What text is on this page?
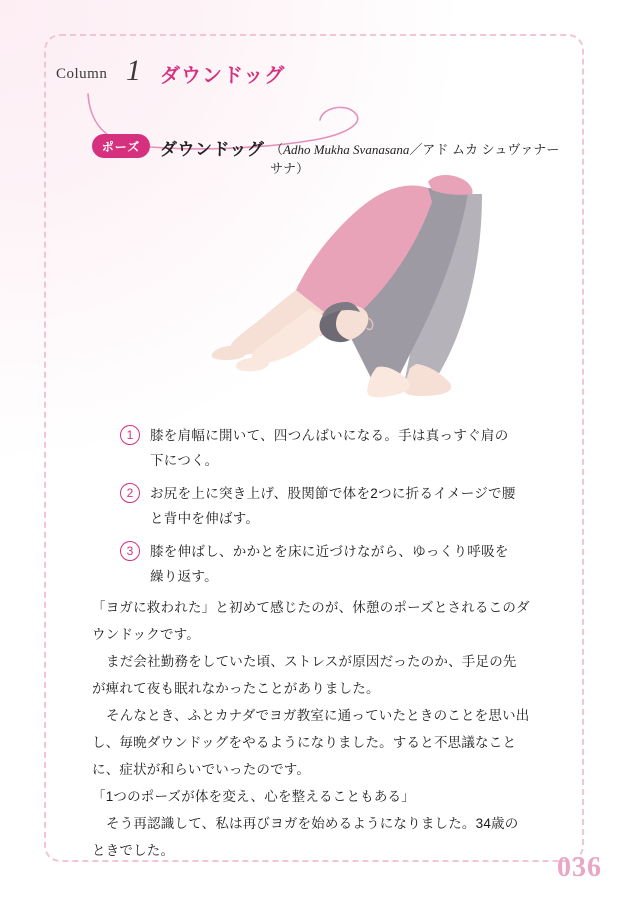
Column 1 ダウンドッグ
ポーズ	ダウンドッグ （Adho Mukha Svanasana／アド ムカ シュヴァナーサナ）
1	膝を肩幅に開いて、四つんばいになる。手は真っすぐ肩の下につく。
2	お尻を上に突き上げ、股関節で体を2つに折るイメージで腰と背中を伸ばす。
3	膝を伸ばし、かかとを床に近づけながら、ゆっくり呼吸を繰り返す。

「ヨガに救われた」と初めて感じたのが、休憩のポーズとされるこのダウンドックです。

まだ会社勤務をしていた頃、ストレスが原因だったのか、手足の先が痺れて夜も眠れなかったことがありました。

そんなとき、ふとカナダでヨガ教室に通っていたときのことを思い出し、毎晩ダウンドッグをやるようになりました。すると不思議なことに、症状が和らいでいったのです。

「1つのポーズが体を変え、心を整えることもある」

そう再認識して、私は再びヨガを始めるようになりました。34歳のときでした。

036
